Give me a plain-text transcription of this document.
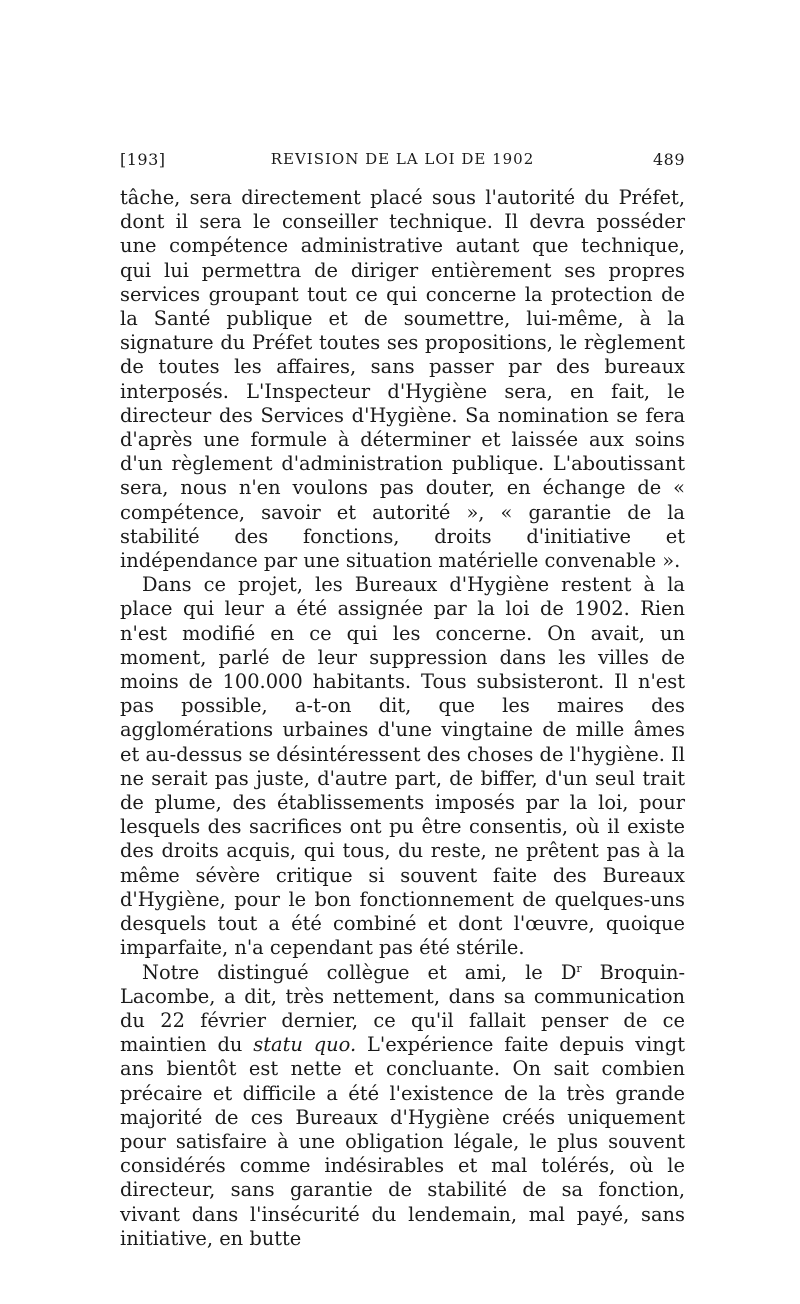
[193]	REVISION DE LA LOI DE 1902	489

tâche, sera directement placé sous l'autorité du Préfet, dont il sera le conseiller technique. Il devra posséder une compétence administrative autant que technique, qui lui permettra de diriger entièrement ses propres services groupant tout ce qui concerne la protection de la Santé publique et de soumettre, lui-même, à la signature du Préfet toutes ses propositions, le règlement de toutes les affaires, sans passer par des bureaux interposés. L'Inspecteur d'Hygiène sera, en fait, le directeur des Services d'Hygiène. Sa nomination se fera d'après une formule à déterminer et laissée aux soins d'un règlement d'administration publique. L'aboutissant sera, nous n'en voulons pas douter, en échange de « compétence, savoir et autorité », « garantie de la stabilité des fonctions, droits d'initiative et indépendance par une situation matérielle convenable ».

Dans ce projet, les Bureaux d'Hygiène restent à la place qui leur a été assignée par la loi de 1902. Rien n'est modifié en ce qui les concerne. On avait, un moment, parlé de leur suppression dans les villes de moins de 100.000 habitants. Tous subsisteront. Il n'est pas possible, a-t-on dit, que les maires des agglomérations urbaines d'une vingtaine de mille âmes et au-dessus se désintéressent des choses de l'hygiène. Il ne serait pas juste, d'autre part, de biffer, d'un seul trait de plume, des établissements imposés par la loi, pour lesquels des sacrifices ont pu être consentis, où il existe des droits acquis, qui tous, du reste, ne prêtent pas à la même sévère critique si souvent faite des Bureaux d'Hygiène, pour le bon fonctionnement de quelques-uns desquels tout a été combiné et dont l'œuvre, quoique imparfaite, n'a cependant pas été stérile.

Notre distingué collègue et ami, le $D^r$ Broquin-Lacombe, a dit, très nettement, dans sa communication du 22 février dernier, ce qu'il fallait penser de ce maintien du statu quo. L'expérience faite depuis vingt ans bientôt est nette et concluante. On sait combien précaire et difficile a été l'existence de la très grande majorité de ces Bureaux d'Hygiène créés uniquement pour satisfaire à une obligation légale, le plus souvent considérés comme indésirables et mal tolérés, où le directeur, sans garantie de stabilité de sa fonction, vivant dans l'insécurité du lendemain, mal payé, sans initiative, en butte
